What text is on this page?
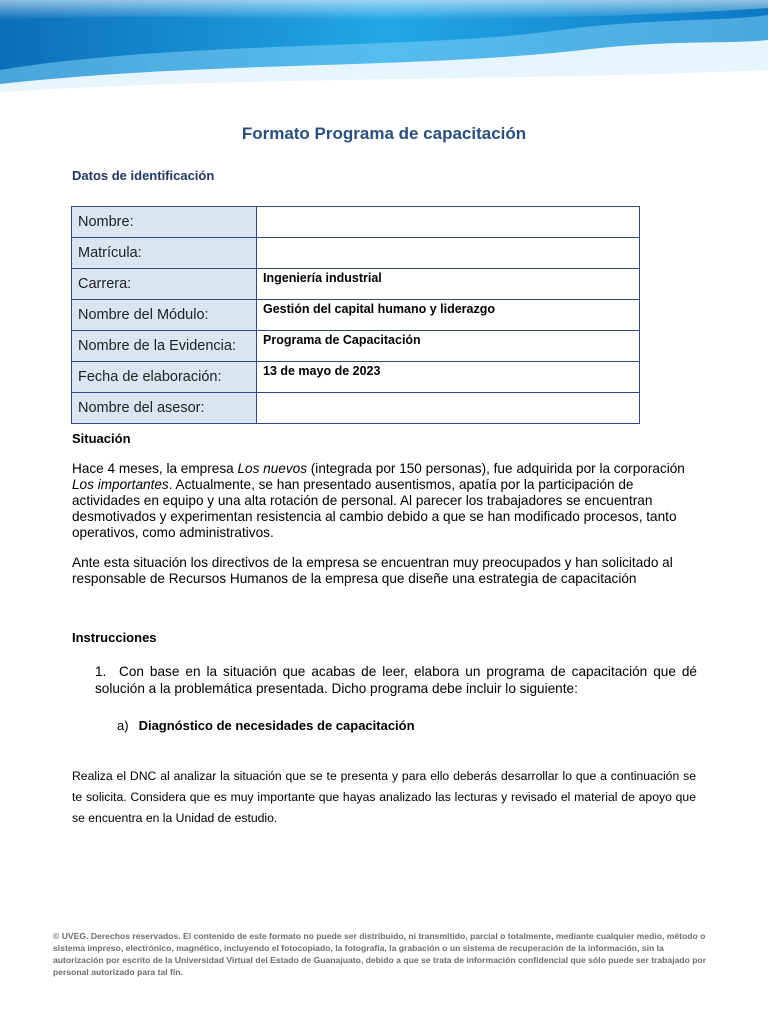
Formato Programa de capacitación
Datos de identificación
Nombre:	
Matrícula:	
Carrera:	Ingeniería industrial
Nombre del Módulo:	Gestión del capital humano y liderazgo
Nombre de la Evidencia:	Programa de Capacitación
Fecha de elaboración:	13 de mayo de 2023
Nombre del asesor:	

Situación

Hace 4 meses, la empresa Los nuevos (integrada por 150 personas), fue adquirida por la corporación Los importantes. Actualmente, se han presentado ausentismos, apatía por la participación de actividades en equipo y una alta rotación de personal. Al parecer los trabajadores se encuentran desmotivados y experimentan resistencia al cambio debido a que se han modificado procesos, tanto operativos, como administrativos.

Ante esta situación los directivos de la empresa se encuentran muy preocupados y han solicitado al responsable de Recursos Humanos de la empresa que diseñe una estrategia de capacitación

Instrucciones

1. Con base en la situación que acabas de leer, elabora un programa de capacitación que dé solución a la problemática presentada. Dicho programa debe incluir lo siguiente:
a) Diagnóstico de necesidades de capacitación
Realiza el DNC al analizar la situación que se te presenta y para ello deberás desarrollar lo que a continuación se te solicita. Considera que es muy importante que hayas analizado las lecturas y revisado el material de apoyo que se encuentra en la Unidad de estudio.
© UVEG. Derechos reservados. El contenido de este formato no puede ser distribuido, ni transmitido, parcial o totalmente, mediante cualquier medio, método o sistema impreso, electrónico, magnético, incluyendo el fotocopiado, la fotografía, la grabación o un sistema de recuperación de la información, sin la autorización por escrito de la Universidad Virtual del Estado de Guanajuato, debido a que se trata de información confidencial que sólo puede ser trabajado por personal autorizado para tal fin.
